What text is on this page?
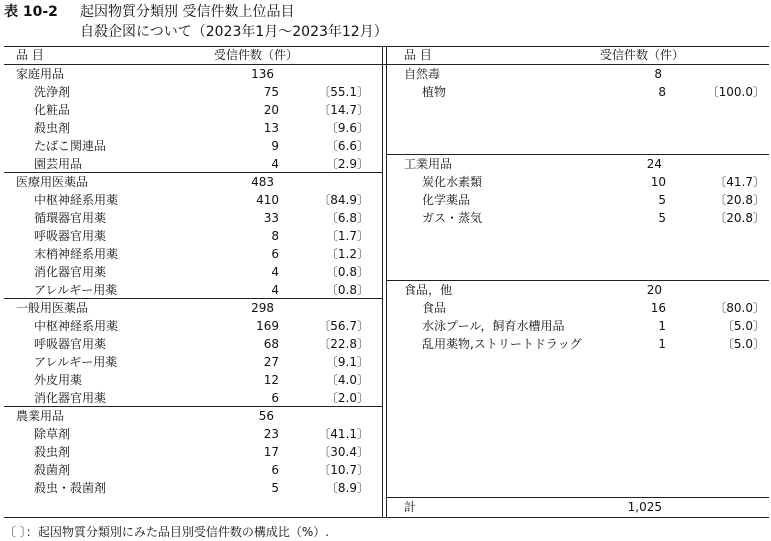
表 10-2 起因物質分類別 受信件数上位品目
自殺企図について（2023年1月～2023年12月）
品 目	受信件数（件）	品 目	受信件数（件）
計	1,025
家庭用品	136
洗浄剤	75	〔55.1〕
化粧品	20	〔14.7〕
殺虫剤	13	〔9.6〕
たばこ関連品	9	〔6.6〕
園芸用品	4	〔2.9〕
医療用医薬品	483
中枢神経系用薬	410	〔84.9〕
循環器官用薬	33	〔6.8〕
呼吸器官用薬	8	〔1.7〕
末梢神経系用薬	6	〔1.2〕
消化器官用薬	4	〔0.8〕
アレルギー用薬	4	〔0.8〕
一般用医薬品	298
中枢神経系用薬	169	〔56.7〕
呼吸器官用薬	68	〔22.8〕
アレルギー用薬	27	〔9.1〕
外皮用薬	12	〔4.0〕
消化器官用薬	6	〔2.0〕
農業用品	56
除草剤	23	〔41.1〕
殺虫剤	17	〔30.4〕
殺菌剤	6	〔10.7〕
殺虫・殺菌剤	5	〔8.9〕
自然毒	8
植物	8	〔100.0〕
工業用品	24
炭化水素類	10	〔41.7〕
化学薬品	5	〔20.8〕
ガス・蒸気	5	〔20.8〕
食品，他	20
食品	16	〔80.0〕
水泳プール，飼育水槽用品	1	〔5.0〕
乱用薬物,ストリートドラッグ	1	〔5.0〕
〔 〕：起因物質分類別にみた品目別受信件数の構成比（%）.
